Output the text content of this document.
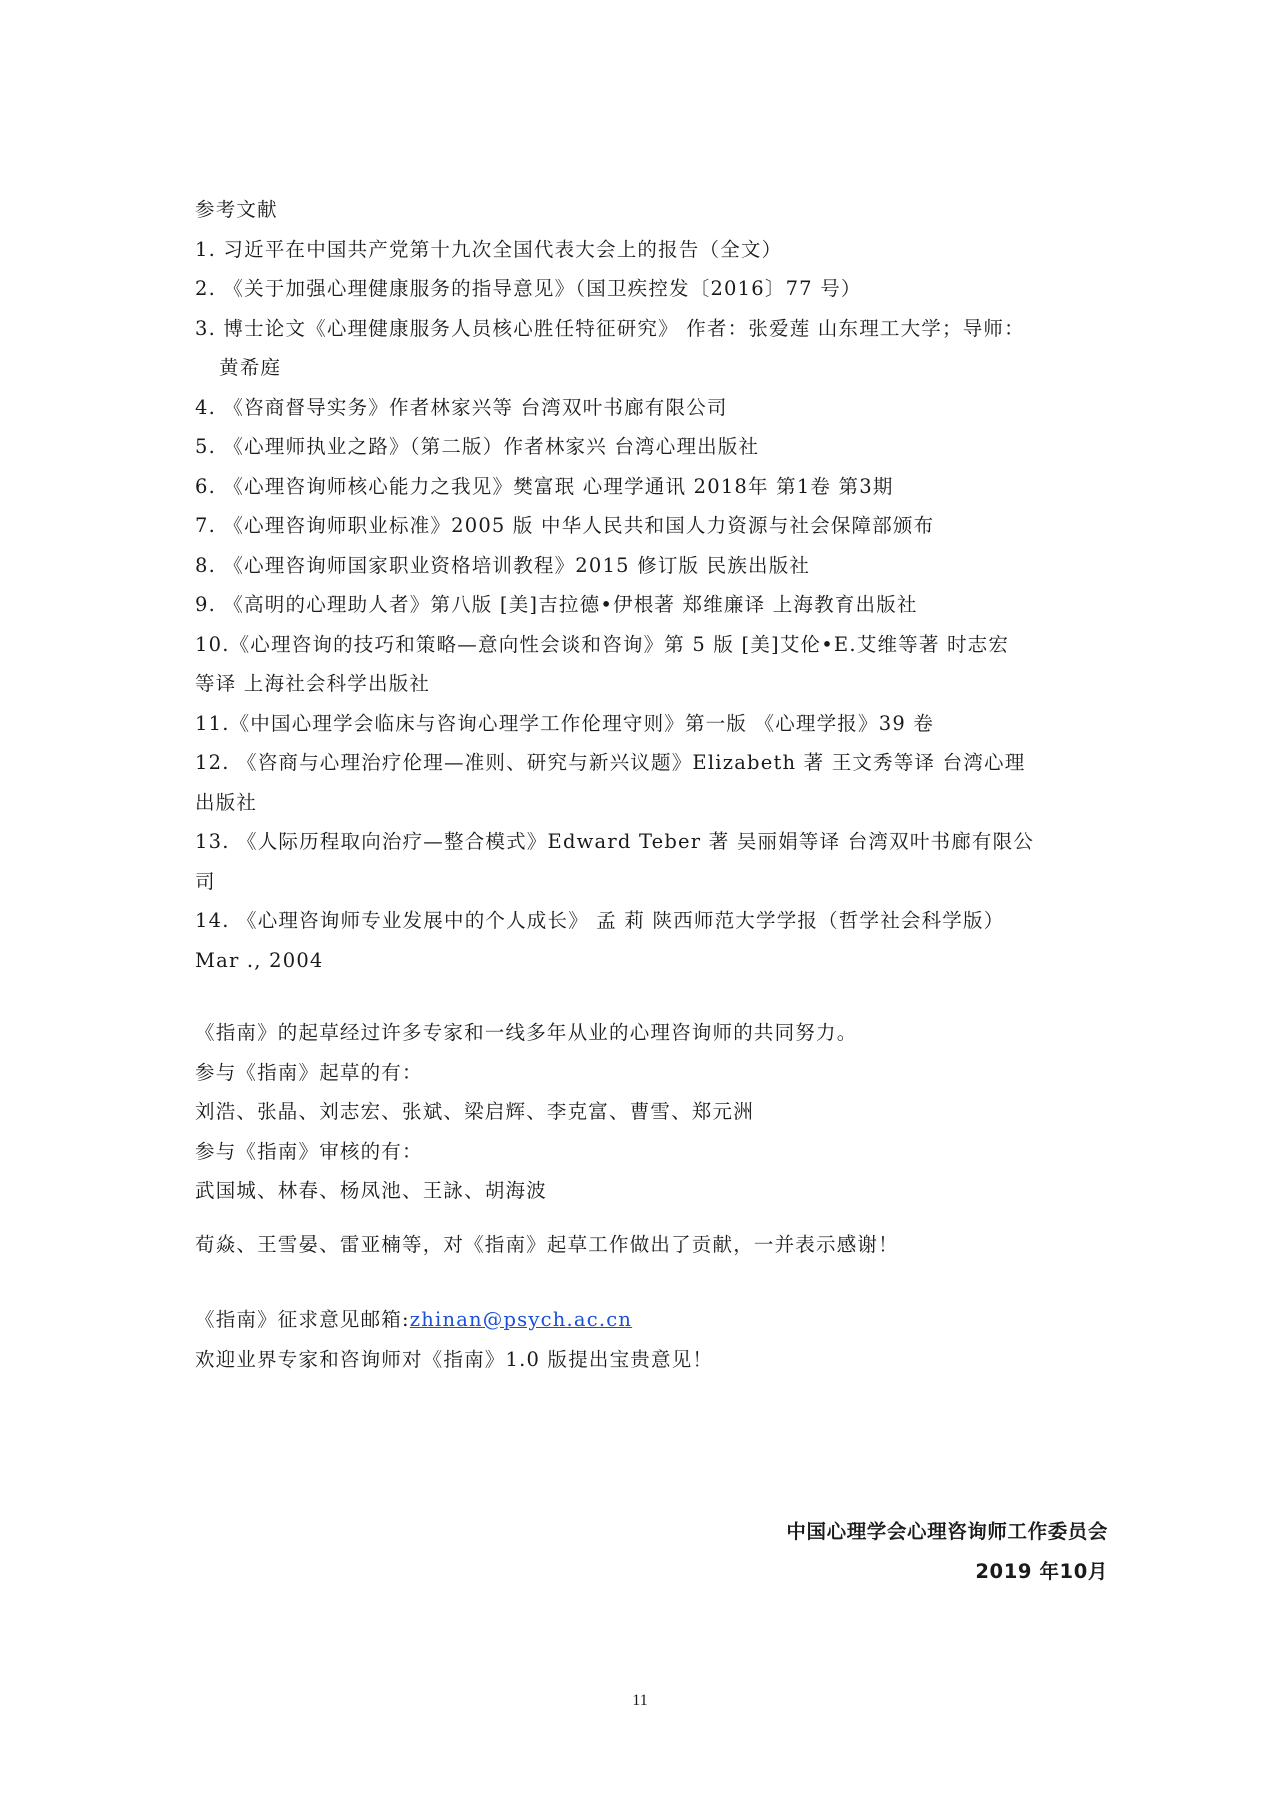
参考文献
1. 习近平在中国共产党第十九次全国代表大会上的报告（全文）
2. 《关于加强心理健康服务的指导意见》（国卫疾控发〔2016〕77 号）
3. 博士论文《心理健康服务人员核心胜任特征研究》 作者：张爱莲 山东理工大学；导师：
黄希庭
4. 《咨商督导实务》作者林家兴等 台湾双叶书廊有限公司
5. 《心理师执业之路》（第二版）作者林家兴 台湾心理出版社
6. 《心理咨询师核心能力之我见》樊富珉 心理学通讯 2018年 第1卷 第3期
7. 《心理咨询师职业标准》2005 版 中华人民共和国人力资源与社会保障部颁布
8. 《心理咨询师国家职业资格培训教程》2015 修订版 民族出版社
9. 《高明的心理助人者》第八版 [美]吉拉德•伊根著 郑维廉译 上海教育出版社
10.《心理咨询的技巧和策略—意向性会谈和咨询》第 5 版 [美]艾伦•E.艾维等著 时志宏
等译 上海社会科学出版社
11.《中国心理学会临床与咨询心理学工作伦理守则》第一版 《心理学报》39 卷
12. 《咨商与心理治疗伦理—准则、研究与新兴议题》Elizabeth 著 王文秀等译 台湾心理
出版社
13. 《人际历程取向治疗—整合模式》Edward Teber 著 吴丽娟等译 台湾双叶书廊有限公
司
14. 《心理咨询师专业发展中的个人成长》 孟 莉 陕西师范大学学报（哲学社会科学版）
Mar ., 2004
《指南》的起草经过许多专家和一线多年从业的心理咨询师的共同努力。
参与《指南》起草的有：
刘浩、张晶、刘志宏、张斌、梁启辉、李克富、曹雪、郑元洲
参与《指南》审核的有：
武国城、林春、杨凤池、王詠、胡海波
荀焱、王雪晏、雷亚楠等，对《指南》起草工作做出了贡献，一并表示感谢！
《指南》征求意见邮箱:zhinan@psych.ac.cn
欢迎业界专家和咨询师对《指南》1.0 版提出宝贵意见！
中国心理学会心理咨询师工作委员会
2019 年10月
11
